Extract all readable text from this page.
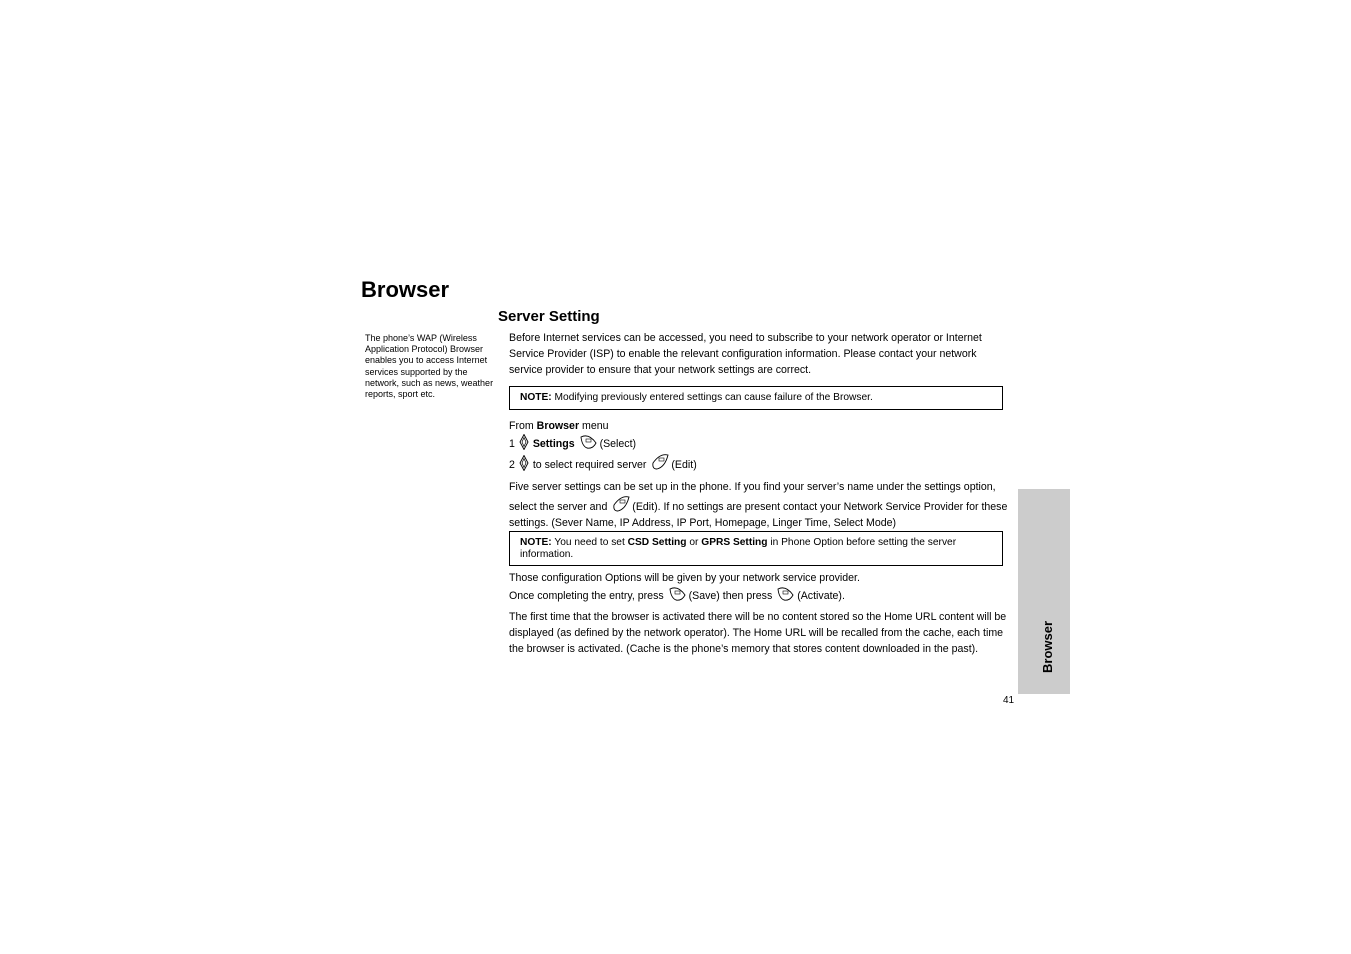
Browser
Server Setting
The phone’s WAP (Wireless Application Protocol) Browser enables you to access Internet services supported by the network, such as news, weather reports, sport etc.
Before Internet services can be accessed, you need to subscribe to your network operator or Internet Service Provider (ISP) to enable the relevant configuration information. Please contact your network service provider to ensure that your network settings are correct.
NOTE: Modifying previously entered settings can cause failure of the Browser.
From Browser menu
1 Settings (Select)
2 to select required server (Edit)
Five server settings can be set up in the phone. If you find your server’s name under the settings option, select the server and (Edit). If no settings are present contact your Network Service Provider for these settings. (Sever Name, IP Address, IP Port, Homepage, Linger Time, Select Mode)
NOTE: You need to set CSD Setting or GPRS Setting in Phone Option before setting the server information.
Those configuration Options will be given by your network service provider.
Once completing the entry, press (Save) then press (Activate).
The first time that the browser is activated there will be no content stored so the Home URL content will be displayed (as defined by the network operator). The Home URL will be recalled from the cache, each time the browser is activated. (Cache is the phone’s memory that stores content downloaded in the past).	Browser
41
